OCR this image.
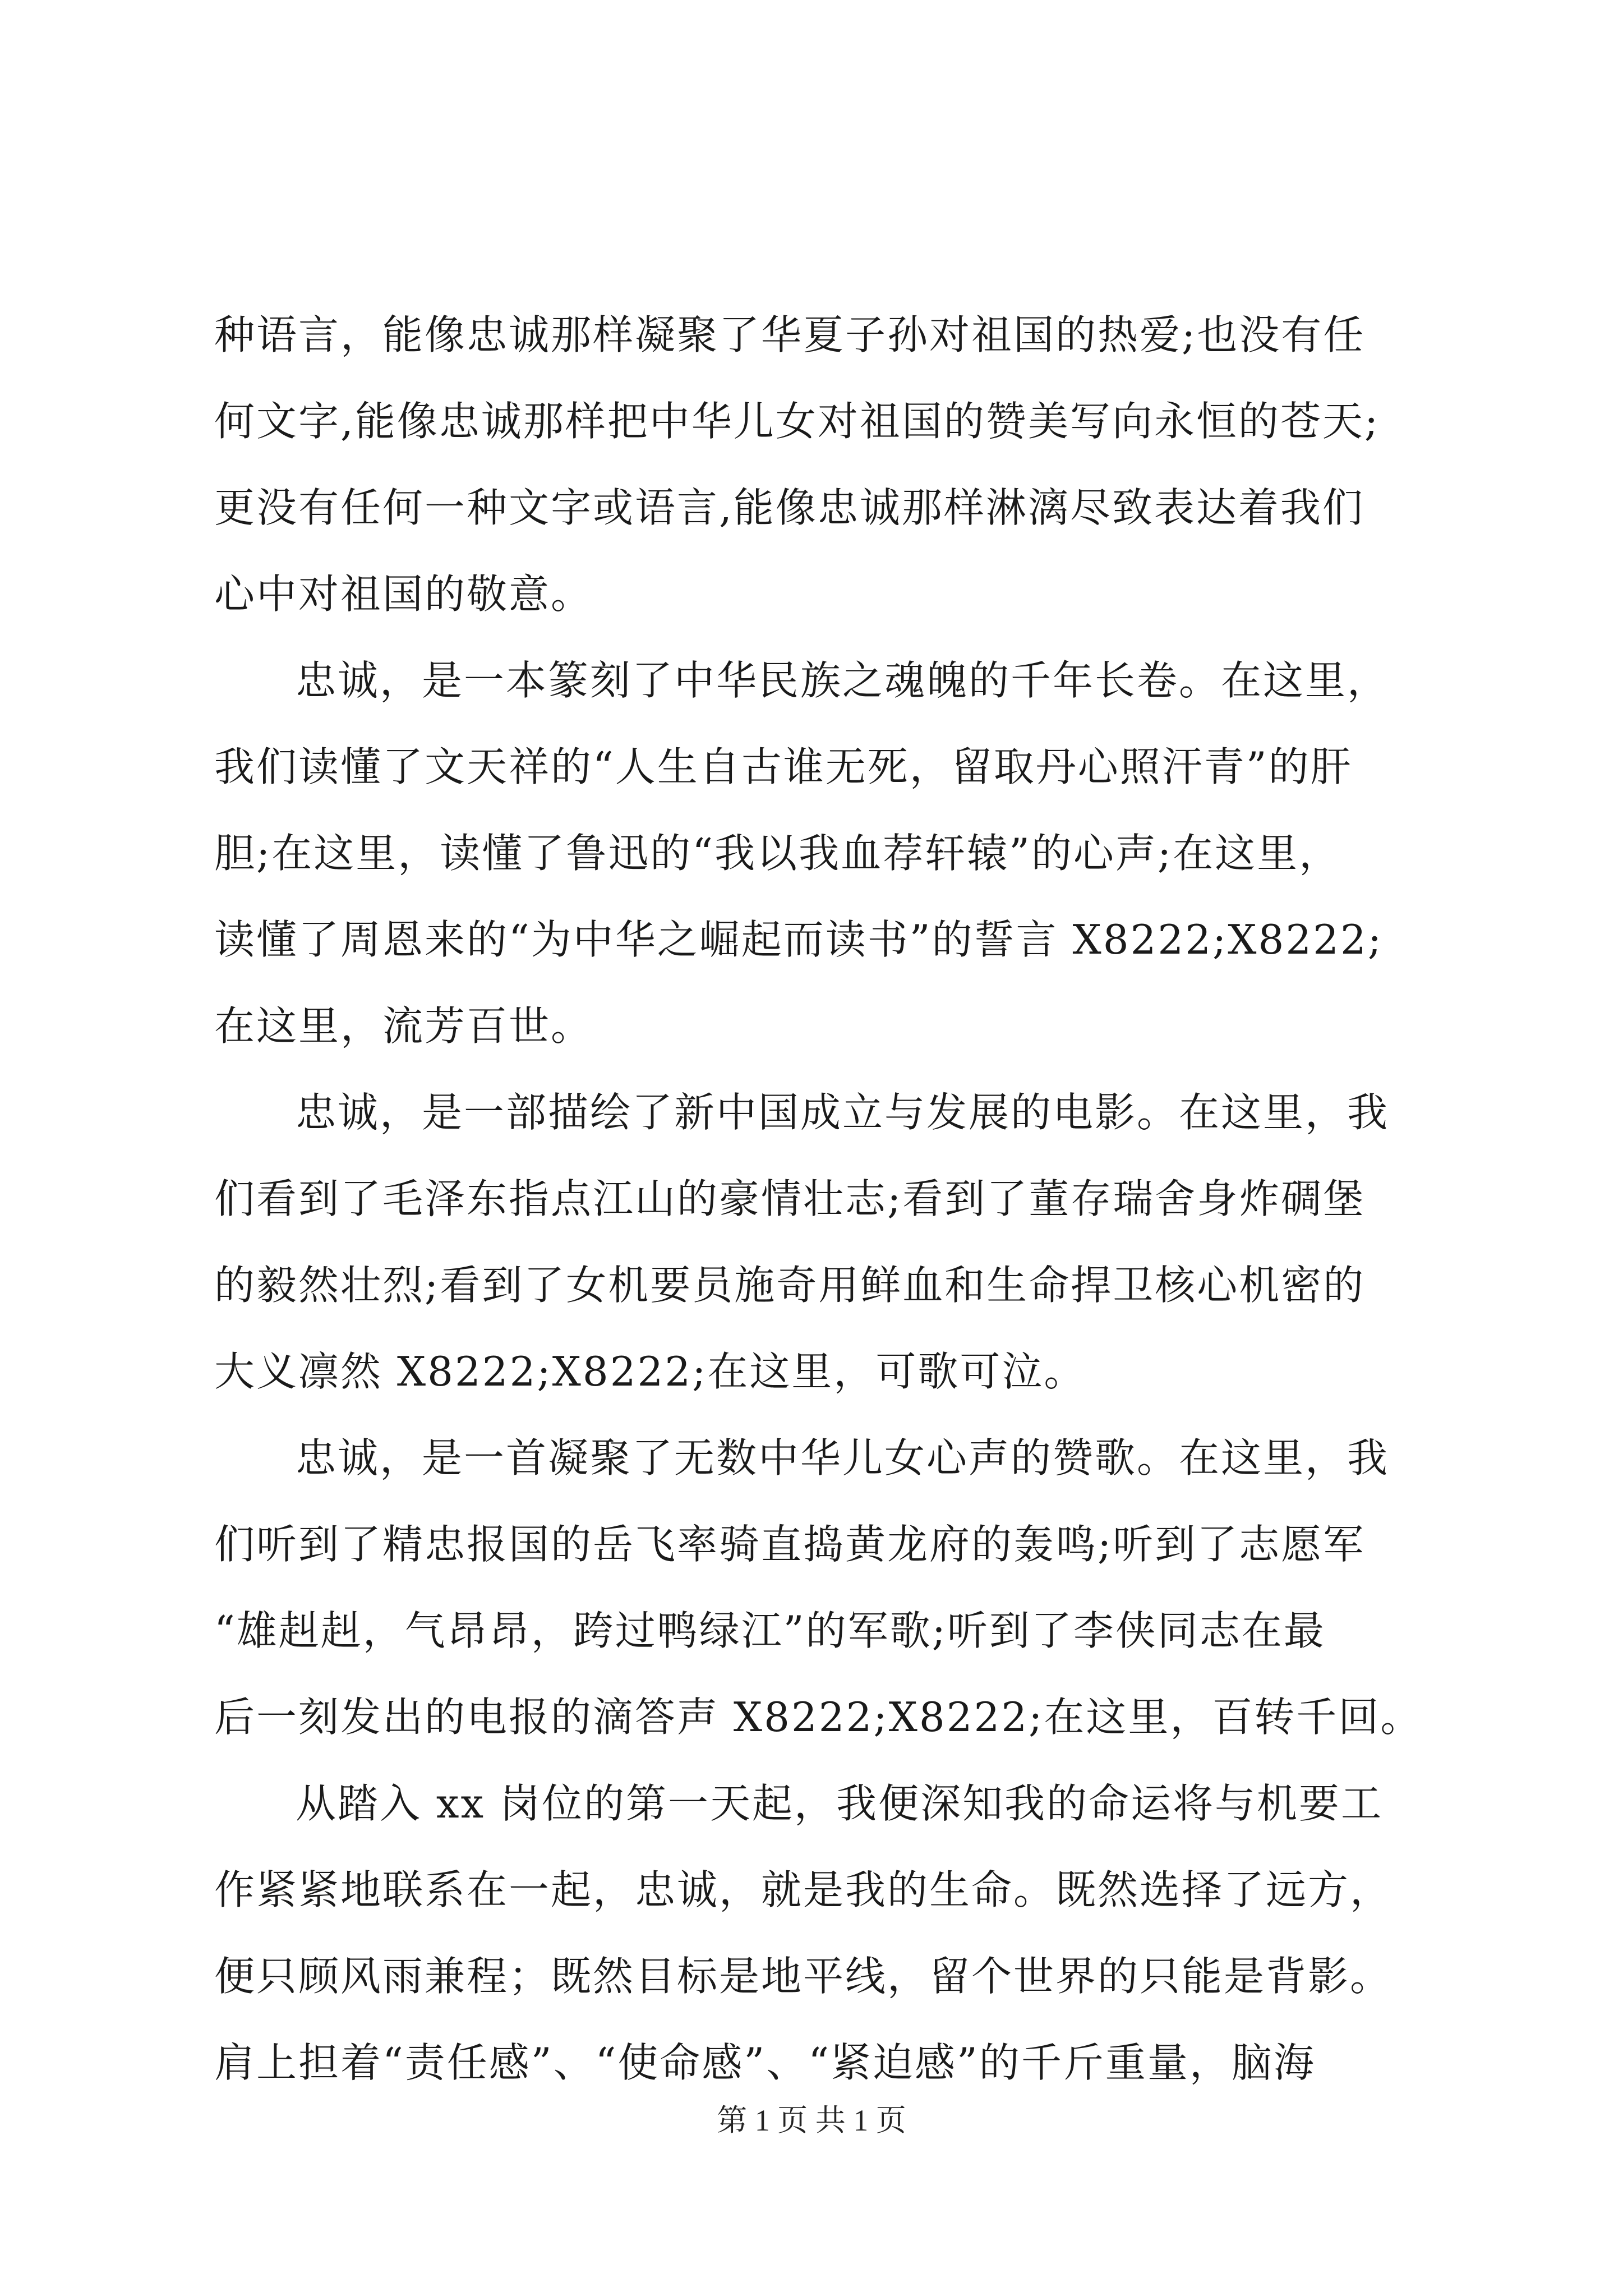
种语言，能像忠诚那样凝聚了华夏子孙对祖国的热爱;也没有任
何文字,能像忠诚那样把中华儿女对祖国的赞美写向永恒的苍天;
更没有任何一种文字或语言,能像忠诚那样淋漓尽致表达着我们
心中对祖国的敬意。
忠诚，是一本篆刻了中华民族之魂魄的千年长卷。在这里，
我们读懂了文天祥的“人生自古谁无死，留取丹心照汗青”的肝
胆;在这里，读懂了鲁迅的“我以我血荐轩辕”的心声;在这里，
读懂了周恩来的“为中华之崛起而读书”的誓言 X8222;X8222;
在这里，流芳百世。
忠诚，是一部描绘了新中国成立与发展的电影。在这里，我
们看到了毛泽东指点江山的豪情壮志;看到了董存瑞舍身炸碉堡
的毅然壮烈;看到了女机要员施奇用鲜血和生命捍卫核心机密的
大义凛然 X8222;X8222;在这里，可歌可泣。
忠诚，是一首凝聚了无数中华儿女心声的赞歌。在这里，我
们听到了精忠报国的岳飞率骑直捣黄龙府的轰鸣;听到了志愿军
“雄赳赳，气昂昂，跨过鸭绿江”的军歌;听到了李侠同志在最
后一刻发出的电报的滴答声 X8222;X8222;在这里，百转千回。
从踏入 xx 岗位的第一天起，我便深知我的命运将与机要工
作紧紧地联系在一起，忠诚，就是我的生命。既然选择了远方，
便只顾风雨兼程；既然目标是地平线，留个世界的只能是背影。
肩上担着“责任感”、“使命感”、“紧迫感”的千斤重量，脑海
第 1 页 共 1 页
